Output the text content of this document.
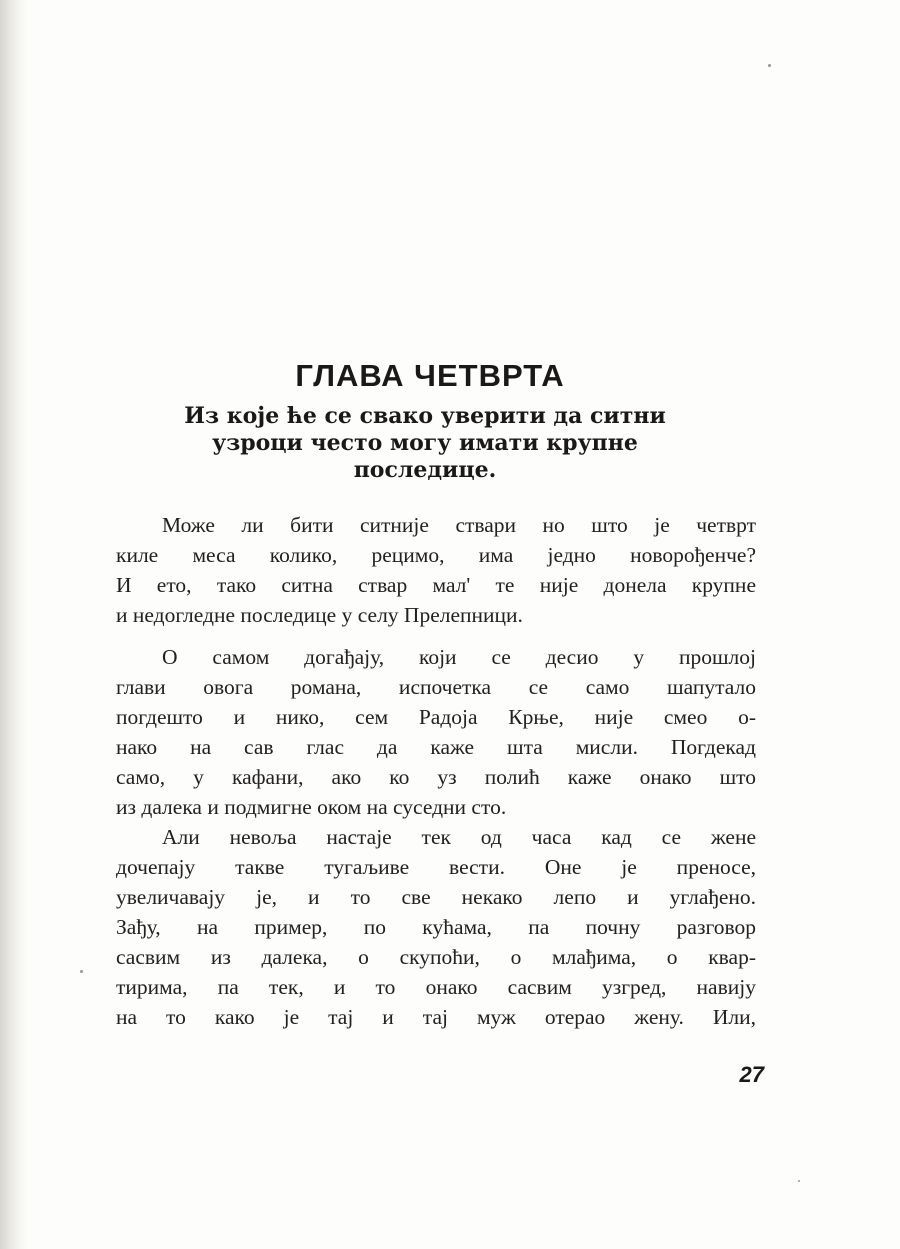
ГЛАВА ЧЕТВРТА
Из које ће се свако уверити да ситни
узроци често могу имати крупне
последице.
Може ли бити ситније ствари но што је четврт
киле меса колико, рецимо, има једно новорођенче?
И ето, тако ситна ствар мал' те није донела крупне
и недогледне последице у селу Прелепници.
О самом догађају, који се десио у прошлој
глави овога романа, испочетка се само шапутало
погдешто и нико, сем Радоја Крње, није смео о-
нако на сав глас да каже шта мисли. Погдекад
само, у кафани, ако ко уз полић каже онако што
из далека и подмигне оком на суседни сто.
Али невоља настаје тек од часа кад се жене
дочепају такве тугаљиве вести. Оне је преносе,
увеличавају је, и то све некако лепо и углађено.
Зађу, на пример, по кућама, па почну разговор
сасвим из далека, о скупоћи, о млађима, о квар-
тирима, па тек, и то онако сасвим узгред, навију
на то како је тај и тај муж отерао жену. Или,
27
